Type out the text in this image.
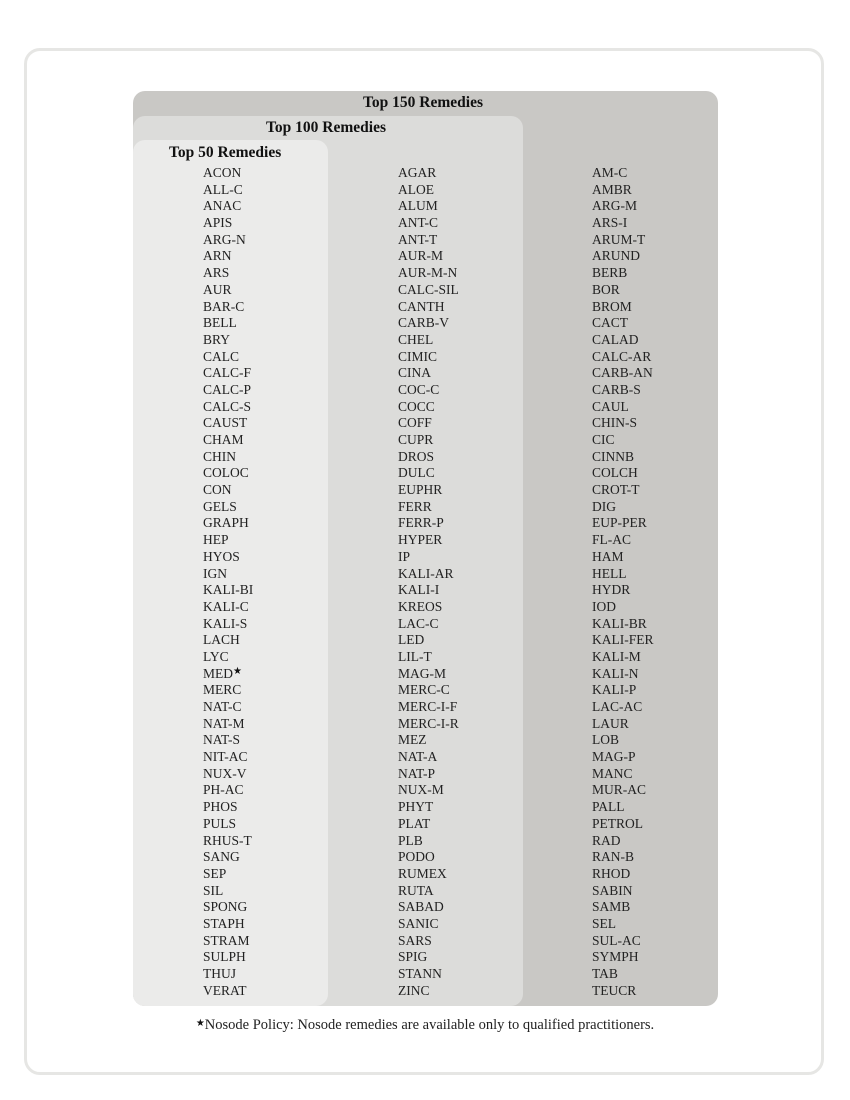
Top 150 Remedies
Top 100 Remedies
Top 50 Remedies
ACON
ALL-C
ANAC
APIS
ARG-N
ARN
ARS
AUR
BAR-C
BELL
BRY
CALC
CALC-F
CALC-P
CALC-S
CAUST
CHAM
CHIN
COLOC
CON
GELS
GRAPH
HEP
HYOS
IGN
KALI-BI
KALI-C
KALI-S
LACH
LYC
MED★
MERC
NAT-C
NAT-M
NAT-S
NIT-AC
NUX-V
PH-AC
PHOS
PULS
RHUS-T
SANG
SEP
SIL
SPONG
STAPH
STRAM
SULPH
THUJ
VERAT
AGAR
ALOE
ALUM
ANT-C
ANT-T
AUR-M
AUR-M-N
CALC-SIL
CANTH
CARB-V
CHEL
CIMIC
CINA
COC-C
COCC
COFF
CUPR
DROS
DULC
EUPHR
FERR
FERR-P
HYPER
IP
KALI-AR
KALI-I
KREOS
LAC-C
LED
LIL-T
MAG-M
MERC-C
MERC-I-F
MERC-I-R
MEZ
NAT-A
NAT-P
NUX-M
PHYT
PLAT
PLB
PODO
RUMEX
RUTA
SABAD
SANIC
SARS
SPIG
STANN
ZINC
AM-C
AMBR
ARG-M
ARS-I
ARUM-T
ARUND
BERB
BOR
BROM
CACT
CALAD
CALC-AR
CARB-AN
CARB-S
CAUL
CHIN-S
CIC
CINNB
COLCH
CROT-T
DIG
EUP-PER
FL-AC
HAM
HELL
HYDR
IOD
KALI-BR
KALI-FER
KALI-M
KALI-N
KALI-P
LAC-AC
LAUR
LOB
MAG-P
MANC
MUR-AC
PALL
PETROL
RAD
RAN-B
RHOD
SABIN
SAMB
SEL
SUL-AC
SYMPH
TAB
TEUCR
★Nosode Policy: Nosode remedies are available only to qualified practitioners.
